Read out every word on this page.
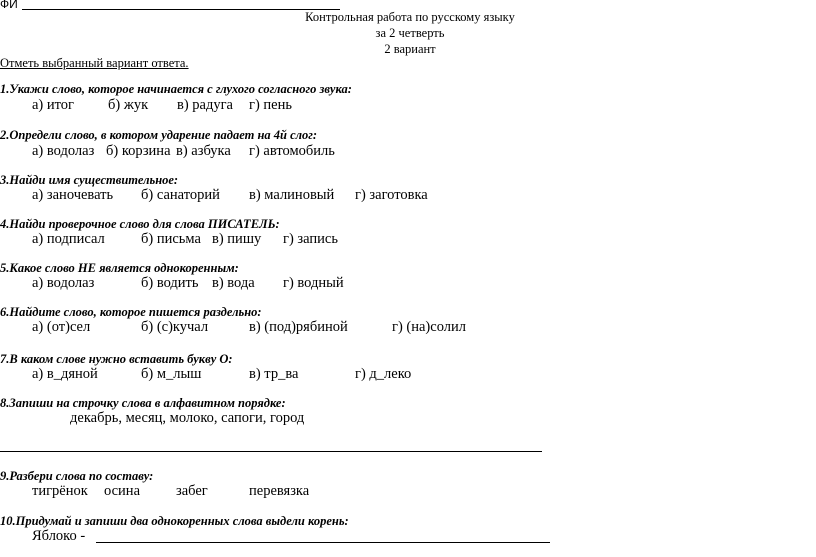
ФИ
Контрольная работа по русскому языку
за 2 четверть
2 вариант
Отметь выбранный вариант ответа.
1.Укажи слово, которое начинается с глухого согласного звука:
а) итог б) жук в) радуга г) пень
2.Определи слово, в котором ударение падает на 4й слог:
а) водолаз б) корзина в) азбука г) автомобиль
3.Найди имя существительное:
а) заночевать б) санаторий в) малиновый г) заготовка
4.Найди проверочное слово для слова ПИСАТЕЛЬ:
а) подписал б) письма в) пишу г) запись
5.Какое слово НЕ является однокоренным:
а) водолаз	б) водить в) вода г) водный
6.Найдите слово, которое пишется раздельно:
а) (от)сел	б) (с)кучал	в) (под)рябиной	г) (на)солил
7.В каком слове нужно вставить букву О:
а) в_дяной	б) м_лыш	в) тр_ва	г) д_леко
8.Запиши на строчку слова в алфавитном порядке:
декабрь, месяц, молоко, сапоги, город
9.Разбери слова по составу:
тигрёнок осина забег	перевязка
10.Придумай и запиши два однокоренных слова выдели корень:
Яблоко -
